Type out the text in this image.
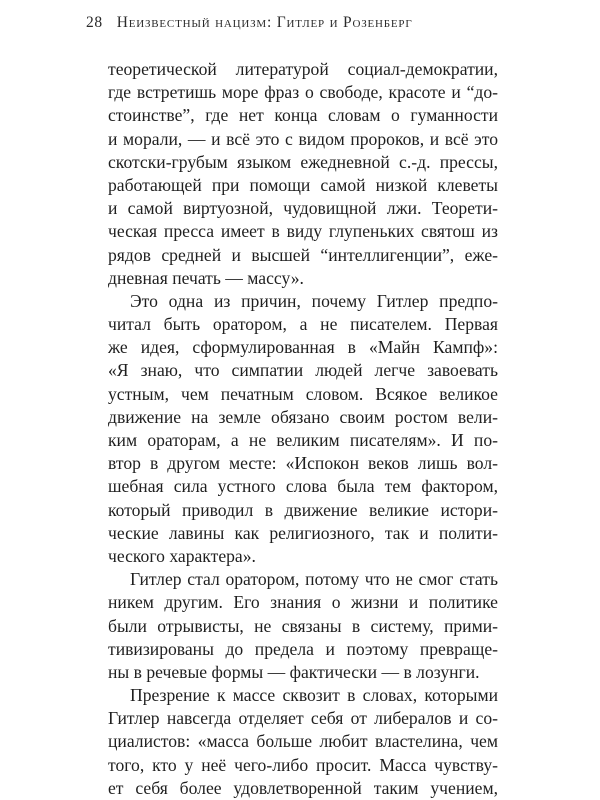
28 Неизвестный нацизм: Гитлер и Розенберг
теоретической литературой социал-демократии,
где встретишь море фраз о свободе, красоте и “до-
стоинстве”, где нет конца словам о гуманности
и морали, — и всё это с видом пророков, и всё это
скотски-грубым языком ежедневной с.-д. прессы,
работающей при помощи самой низкой клеветы
и самой виртуозной, чудовищной лжи. Теорети-
ческая пресса имеет в виду глупеньких святош из
рядов средней и высшей “интеллигенции”, еже-
дневная печать — массу».
Это одна из причин, почему Гитлер предпо-
читал быть оратором, а не писателем. Первая
же идея, сформулированная в «Майн Кампф»:
«Я знаю, что симпатии людей легче завоевать
устным, чем печатным словом. Всякое великое
движение на земле обязано своим ростом вели-
ким ораторам, а не великим писателям». И по-
втор в другом месте: «Испокон веков лишь вол-
шебная сила устного слова была тем фактором,
который приводил в движение великие истори-
ческие лавины как религиозного, так и полити-
ческого характера».
Гитлер стал оратором, потому что не смог стать
никем другим. Его знания о жизни и политике
были отрывисты, не связаны в систему, прими-
тивизированы до предела и поэтому превраще-
ны в речевые формы — фактически — в лозунги.
Презрение к массе сквозит в словах, которыми
Гитлер навсегда отделяет себя от либералов и со-
циалистов: «масса больше любит властелина, чем
того, кто у неё чего-либо просит. Масса чувству-
ет себя более удовлетворенной таким учением,
